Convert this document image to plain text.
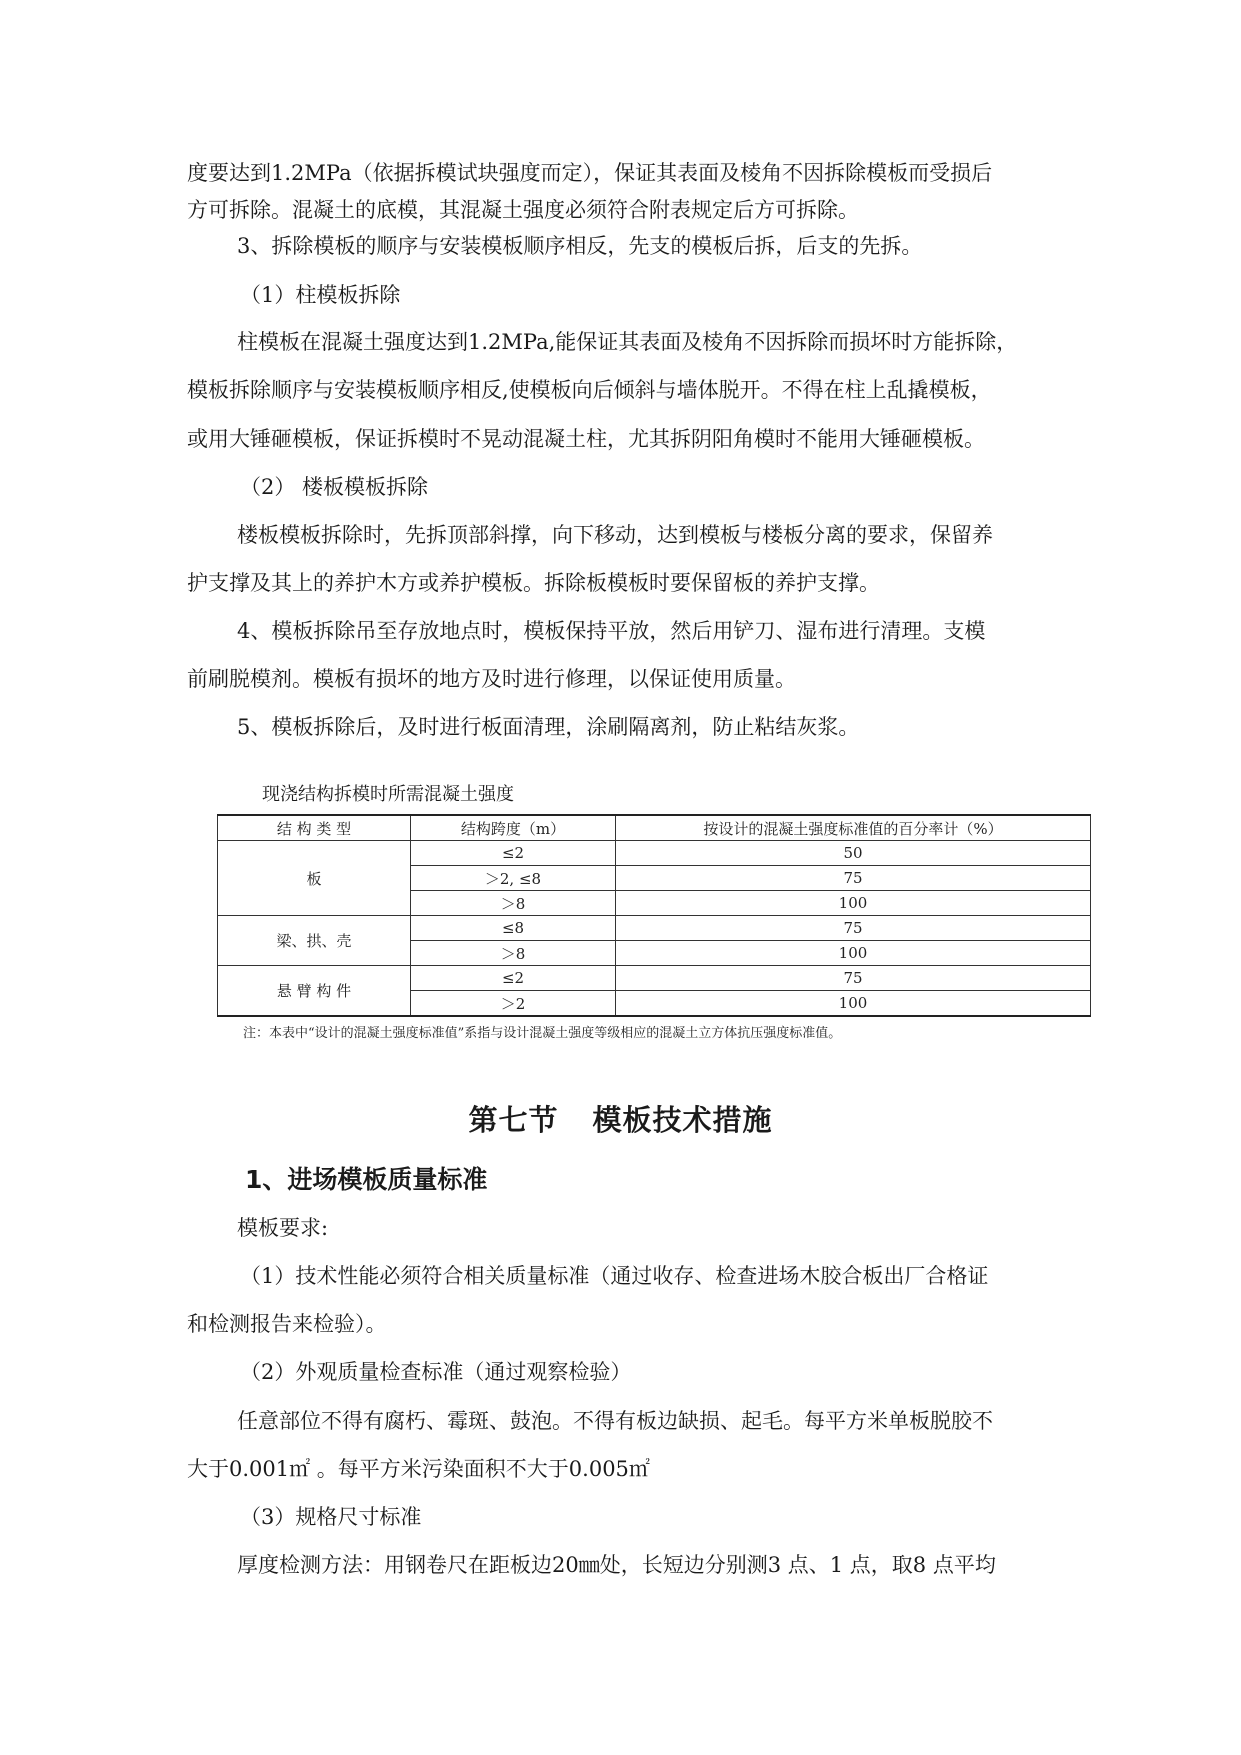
度要达到1.2MPa（依据拆模试块强度而定），保证其表面及棱角不因拆除模板而受损后
方可拆除。混凝土的底模，其混凝土强度必须符合附表规定后方可拆除。
3、拆除模板的顺序与安装模板顺序相反，先支的模板后拆，后支的先拆。
（1）柱模板拆除
柱模板在混凝土强度达到1.2MPa,能保证其表面及棱角不因拆除而损坏时方能拆除，
模板拆除顺序与安装模板顺序相反,使模板向后倾斜与墙体脱开。不得在柱上乱撬模板，
或用大锤砸模板，保证拆模时不晃动混凝土柱，尤其拆阴阳角模时不能用大锤砸模板。
（2） 楼板模板拆除
楼板模板拆除时，先拆顶部斜撑，向下移动，达到模板与楼板分离的要求，保留养
护支撑及其上的养护木方或养护模板。拆除板模板时要保留板的养护支撑。
4、模板拆除吊至存放地点时，模板保持平放，然后用铲刀、湿布进行清理。支模
前刷脱模剂。模板有损坏的地方及时进行修理，以保证使用质量。
5、模板拆除后，及时进行板面清理，涂刷隔离剂，防止粘结灰浆。
现浇结构拆模时所需混凝土强度
结 构 类 型	结构跨度（m）	按设计的混凝土强度标准值的百分率计（%）
板	≤2	50
	＞2, ≤8	75
	＞8	100
梁、拱、壳	≤8	75
	＞8	100
悬 臂 构 件	≤2	75
	＞2	100
注：本表中“设计的混凝土强度标准值”系指与设计混凝土强度等级相应的混凝土立方体抗压强度标准值。
第七节 模板技术措施
1、进场模板质量标准
模板要求:
（1）技术性能必须符合相关质量标准（通过收存、检查进场木胶合板出厂合格证
和检测报告来检验）。
（2）外观质量检查标准（通过观察检验）
任意部位不得有腐朽、霉斑、鼓泡。不得有板边缺损、起毛。每平方米单板脱胶不
大于0.001㎡ 。每平方米污染面积不大于0.005㎡
（3）规格尺寸标准
厚度检测方法：用钢卷尺在距板边20㎜处，长短边分别测3 点、1 点，取8 点平均
